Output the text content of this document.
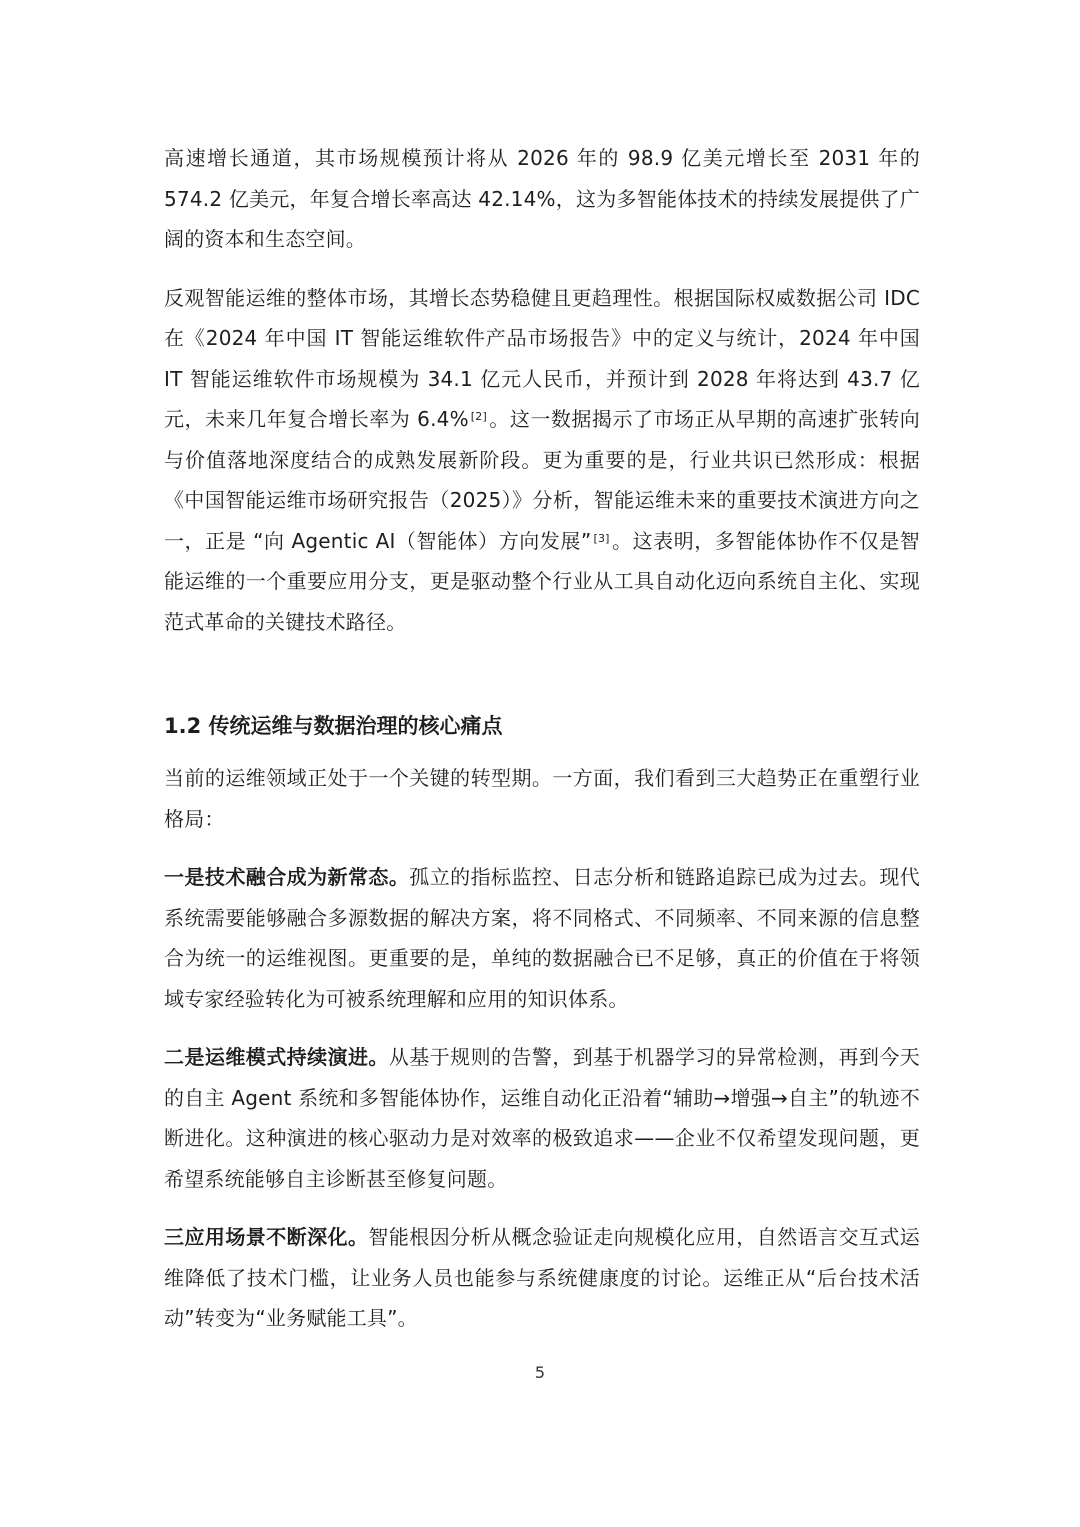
高速增长通道，其市场规模预计将从 2026 年的 98.9 亿美元增长至 2031 年的 574.2 亿美元，年复合增长率高达 42.14%，这为多智能体技术的持续发展提供了广阔的资本和生态空间。

反观智能运维的整体市场，其增长态势稳健且更趋理性。根据国际权威数据公司 IDC 在《2024 年中国 IT 智能运维软件产品市场报告》中的定义与统计，2024 年中国 IT 智能运维软件市场规模为 34.1 亿元人民币，并预计到 2028 年将达到 43.7 亿元，未来几年复合增长率为 6.4% [2] 。这一数据揭示了市场正从早期的高速扩张转向与价值落地深度结合的成熟发展新阶段。更为重要的是，行业共识已然形成：根据《中国智能运维市场研究报告（2025）》分析，智能运维未来的重要技术演进方向之一，正是 “向 Agentic AI（智能体）方向发展” [3] 。这表明，多智能体协作不仅是智能运维的一个重要应用分支，更是驱动整个行业从工具自动化迈向系统自主化、实现范式革命的关键技术路径。

1.2 传统运维与数据治理的核心痛点

当前的运维领域正处于一个关键的转型期。一方面，我们看到三大趋势正在重塑行业格局：

一是技术融合成为新常态。孤立的指标监控、日志分析和链路追踪已成为过去。现代系统需要能够融合多源数据的解决方案，将不同格式、不同频率、不同来源的信息整合为统一的运维视图。更重要的是，单纯的数据融合已不足够，真正的价值在于将领域专家经验转化为可被系统理解和应用的知识体系。

二是运维模式持续演进。从基于规则的告警，到基于机器学习的异常检测，再到今天的自主 Agent 系统和多智能体协作，运维自动化正沿着“辅助→增强→自主”的轨迹不断进化。这种演进的核心驱动力是对效率的极致追求——企业不仅希望发现问题，更希望系统能够自主诊断甚至修复问题。

三应用场景不断深化。智能根因分析从概念验证走向规模化应用，自然语言交互式运维降低了技术门槛，让业务人员也能参与系统健康度的讨论。运维正从“后台技术活动”转变为“业务赋能工具”。

5
